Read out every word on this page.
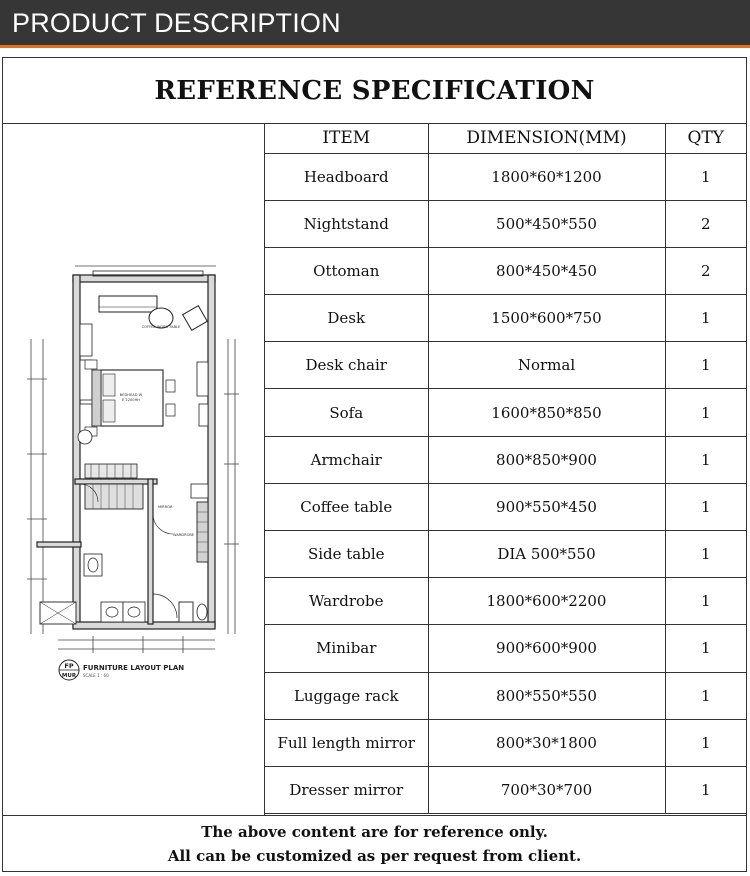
PRODUCT DESCRIPTION
REFERENCE SPECIFICATION
COFFEE WORK TABLE
BEDHEAD W
E 2200HH
MIRROR
WARDROBE
FP
MUR
FURNITURE LAYOUT PLAN
SCALE 1 : 60
ITEM	DIMENSION(MM)	QTY
Headboard	1800*60*1200	1
Nightstand	500*450*550	2
Ottoman	800*450*450	2
Desk	1500*600*750	1
Desk chair	Normal	1
Sofa	1600*850*850	1
Armchair	800*850*900	1
Coffee table	900*550*450	1
Side table	DIA 500*550	1
Wardrobe	1800*600*2200	1
Minibar	900*600*900	1
Luggage rack	800*550*550	1
Full length mirror	800*30*1800	1
Dresser mirror	700*30*700	1
The above content are for reference only.
All can be customized as per request from client.
